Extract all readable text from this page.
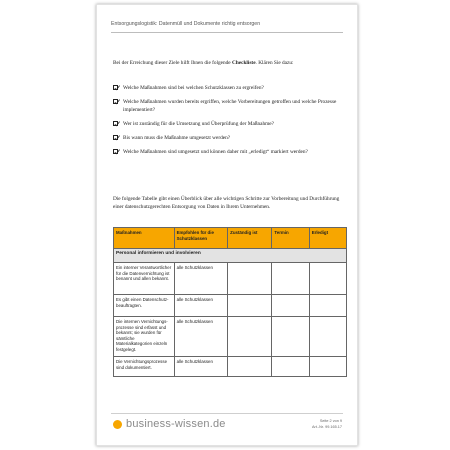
Entsorgungslogistik: Datenmüll und Dokumente richtig entsorgen
Bei der Erreichung dieser Ziele hilft Ihnen die folgende Checkliste. Klären Sie dazu:
Welche Maßnahmen sind bei welchen Schutzklassen zu ergreifen?
Welche Maßnahmen wurden bereits ergriffen, welche Vorbereitungen getroffen und welche Prozesse implementiert?
Wer ist zuständig für die Umsetzung und Überprüfung der Maßnahme?
Bis wann muss die Maßnahme umgesetzt werden?
Welche Maßnahmen sind umgesetzt und können daher mit „erledigt“ markiert werden?
Die folgende Tabelle gibt einen Überblick über alle wichtigen Schritte zur Vorbereitung und Durchführung einer datenschutzgerechten Entsorgung von Daten in Ihrem Unternehmen.
Maßnahmen	Empfohlen für die Schutzklassen	Zuständig ist	Termin	Erledigt
Personal informieren und involvieren				
Ein interner Verantwortlicher für die Datenvernichtung ist benannt und allen bekannt.	alle Schutzklassen			
Es gibt einen Datenschutz-beauftragten.	alle Schutzklassen			
Die internen Vernichtungs-prozesse sind erfasst und bekannt; sie wurden für sämtliche Materialkategorien einzeln festgelegt.	alle Schutzklassen			
Die Vernichtungsprozesse sind dokumentiert.	alle Schutzklassen			
business-wissen.de	Seite 2 von 9
Art.-Nr. 99.165.17
